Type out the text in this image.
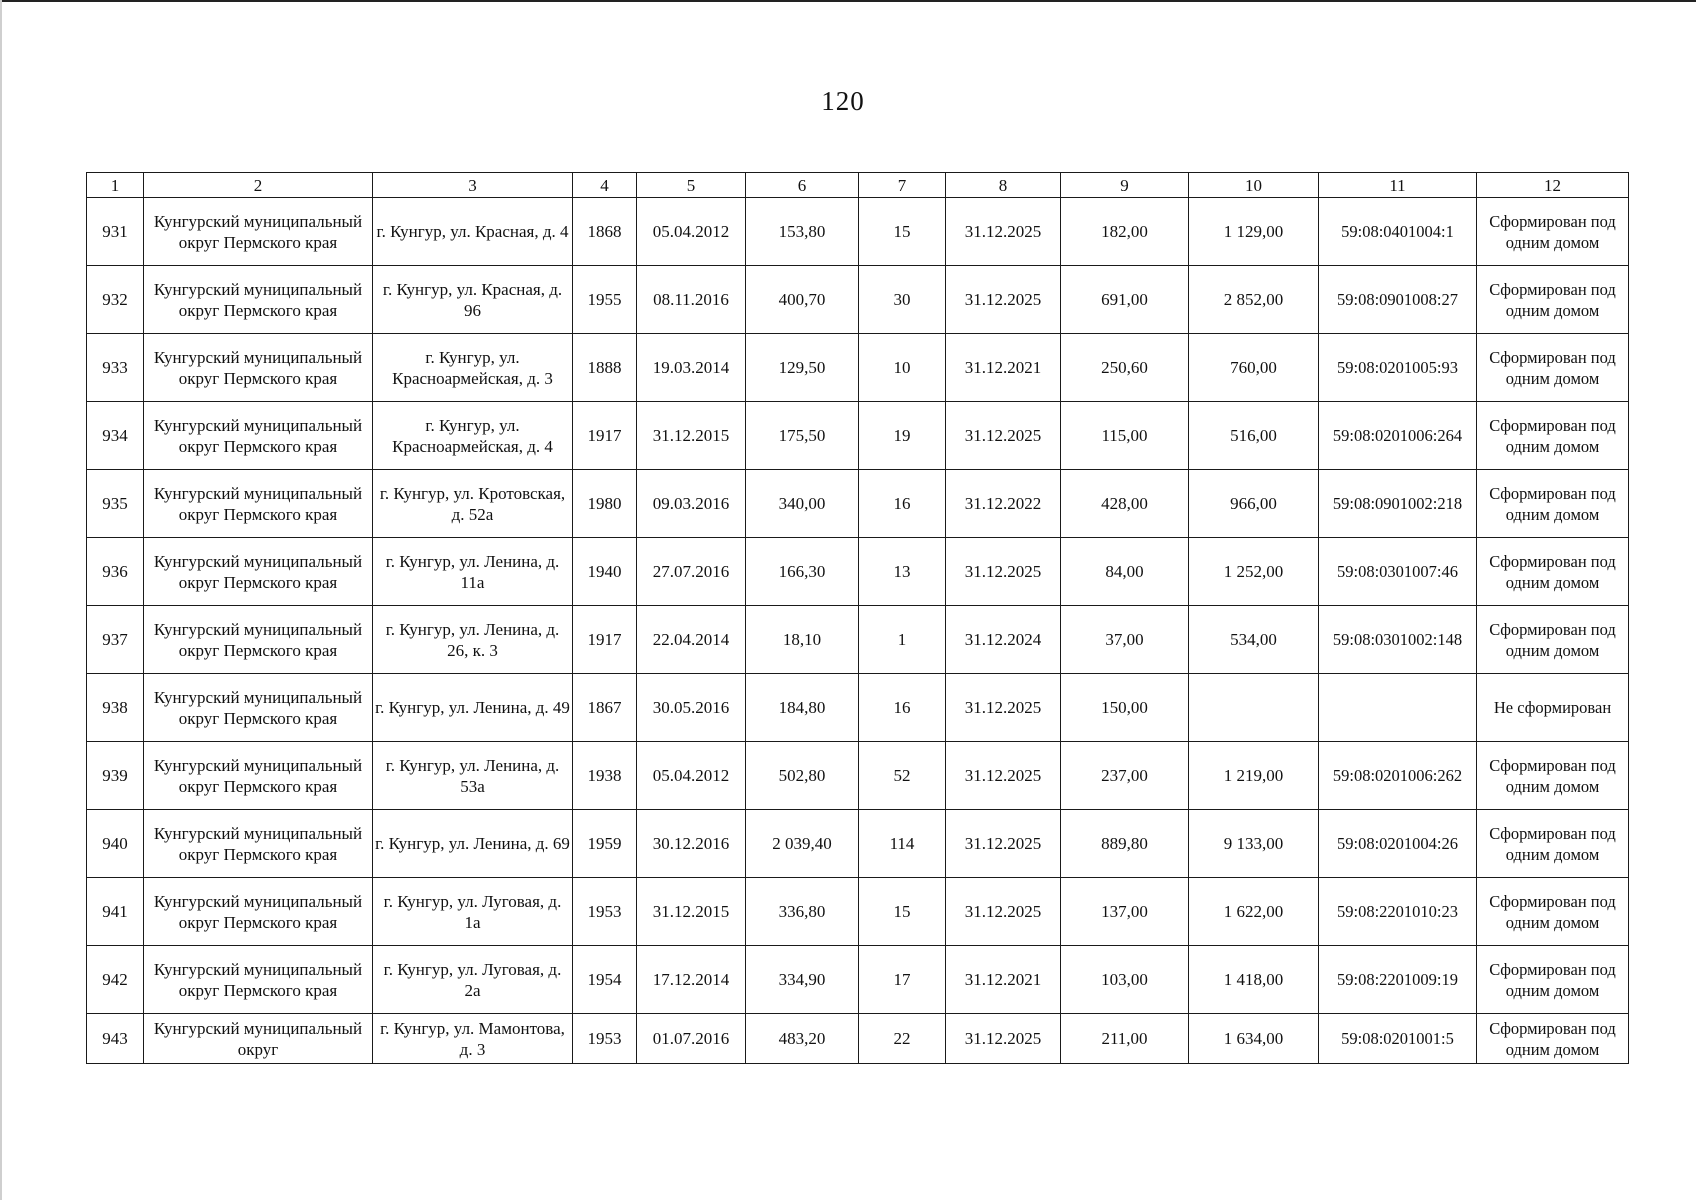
120
1	2	3	4	5	6	7	8	9	10	11	12
931	Кунгурский муниципальный округ Пермского края	г. Кунгур, ул. Красная, д. 4	1868	05.04.2012	153,80	15	31.12.2025	182,00	1 129,00	59:08:0401004:1	Сформирован под одним домом
932	Кунгурский муниципальный округ Пермского края	г. Кунгур, ул. Красная, д. 96	1955	08.11.2016	400,70	30	31.12.2025	691,00	2 852,00	59:08:0901008:27	Сформирован под одним домом
933	Кунгурский муниципальный округ Пермского края	г. Кунгур, ул. Красноармейская, д. 3	1888	19.03.2014	129,50	10	31.12.2021	250,60	760,00	59:08:0201005:93	Сформирован под одним домом
934	Кунгурский муниципальный округ Пермского края	г. Кунгур, ул. Красноармейская, д. 4	1917	31.12.2015	175,50	19	31.12.2025	115,00	516,00	59:08:0201006:264	Сформирован под одним домом
935	Кунгурский муниципальный округ Пермского края	г. Кунгур, ул. Кротовская, д. 52а	1980	09.03.2016	340,00	16	31.12.2022	428,00	966,00	59:08:0901002:218	Сформирован под одним домом
936	Кунгурский муниципальный округ Пермского края	г. Кунгур, ул. Ленина, д. 11а	1940	27.07.2016	166,30	13	31.12.2025	84,00	1 252,00	59:08:0301007:46	Сформирован под одним домом
937	Кунгурский муниципальный округ Пермского края	г. Кунгур, ул. Ленина, д. 26, к. 3	1917	22.04.2014	18,10	1	31.12.2024	37,00	534,00	59:08:0301002:148	Сформирован под одним домом
938	Кунгурский муниципальный округ Пермского края	г. Кунгур, ул. Ленина, д. 49	1867	30.05.2016	184,80	16	31.12.2025	150,00			Не сформирован
939	Кунгурский муниципальный округ Пермского края	г. Кунгур, ул. Ленина, д. 53а	1938	05.04.2012	502,80	52	31.12.2025	237,00	1 219,00	59:08:0201006:262	Сформирован под одним домом
940	Кунгурский муниципальный округ Пермского края	г. Кунгур, ул. Ленина, д. 69	1959	30.12.2016	2 039,40	114	31.12.2025	889,80	9 133,00	59:08:0201004:26	Сформирован под одним домом
941	Кунгурский муниципальный округ Пермского края	г. Кунгур, ул. Луговая, д. 1а	1953	31.12.2015	336,80	15	31.12.2025	137,00	1 622,00	59:08:2201010:23	Сформирован под одним домом
942	Кунгурский муниципальный округ Пермского края	г. Кунгур, ул. Луговая, д. 2а	1954	17.12.2014	334,90	17	31.12.2021	103,00	1 418,00	59:08:2201009:19	Сформирован под одним домом
943	Кунгурский муниципальный округ	г. Кунгур, ул. Мамонтова, д. 3	1953	01.07.2016	483,20	22	31.12.2025	211,00	1 634,00	59:08:0201001:5	Сформирован под одним домом
